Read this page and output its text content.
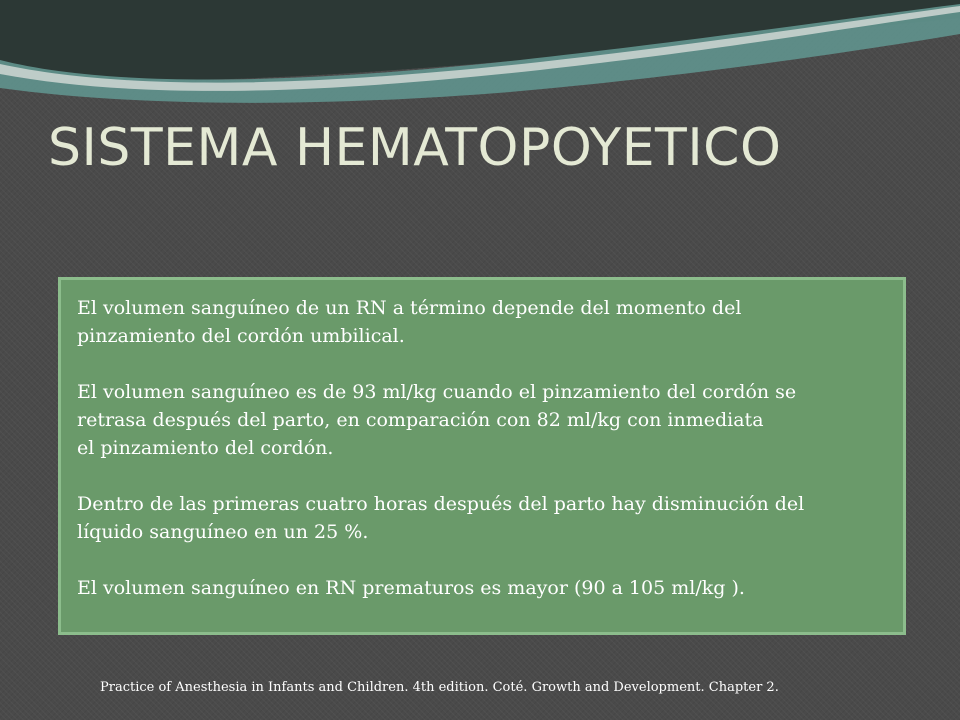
SISTEMA HEMATOPOYETICO

El volumen sanguíneo de un RN a término depende del momento del
pinzamiento del cordón umbilical.

El volumen sanguíneo es de 93 ml/kg cuando el pinzamiento del cordón se
retrasa después del parto, en comparación con 82 ml/kg con inmediata
el pinzamiento del cordón.

Dentro de las primeras cuatro horas después del parto hay disminución del
líquido sanguíneo en un 25 %.

El volumen sanguíneo en RN prematuros es mayor (90 a 105 ml/kg ).

Practice of Anesthesia in Infants and Children. 4th edition. Coté. Growth and Development. Chapter 2.
